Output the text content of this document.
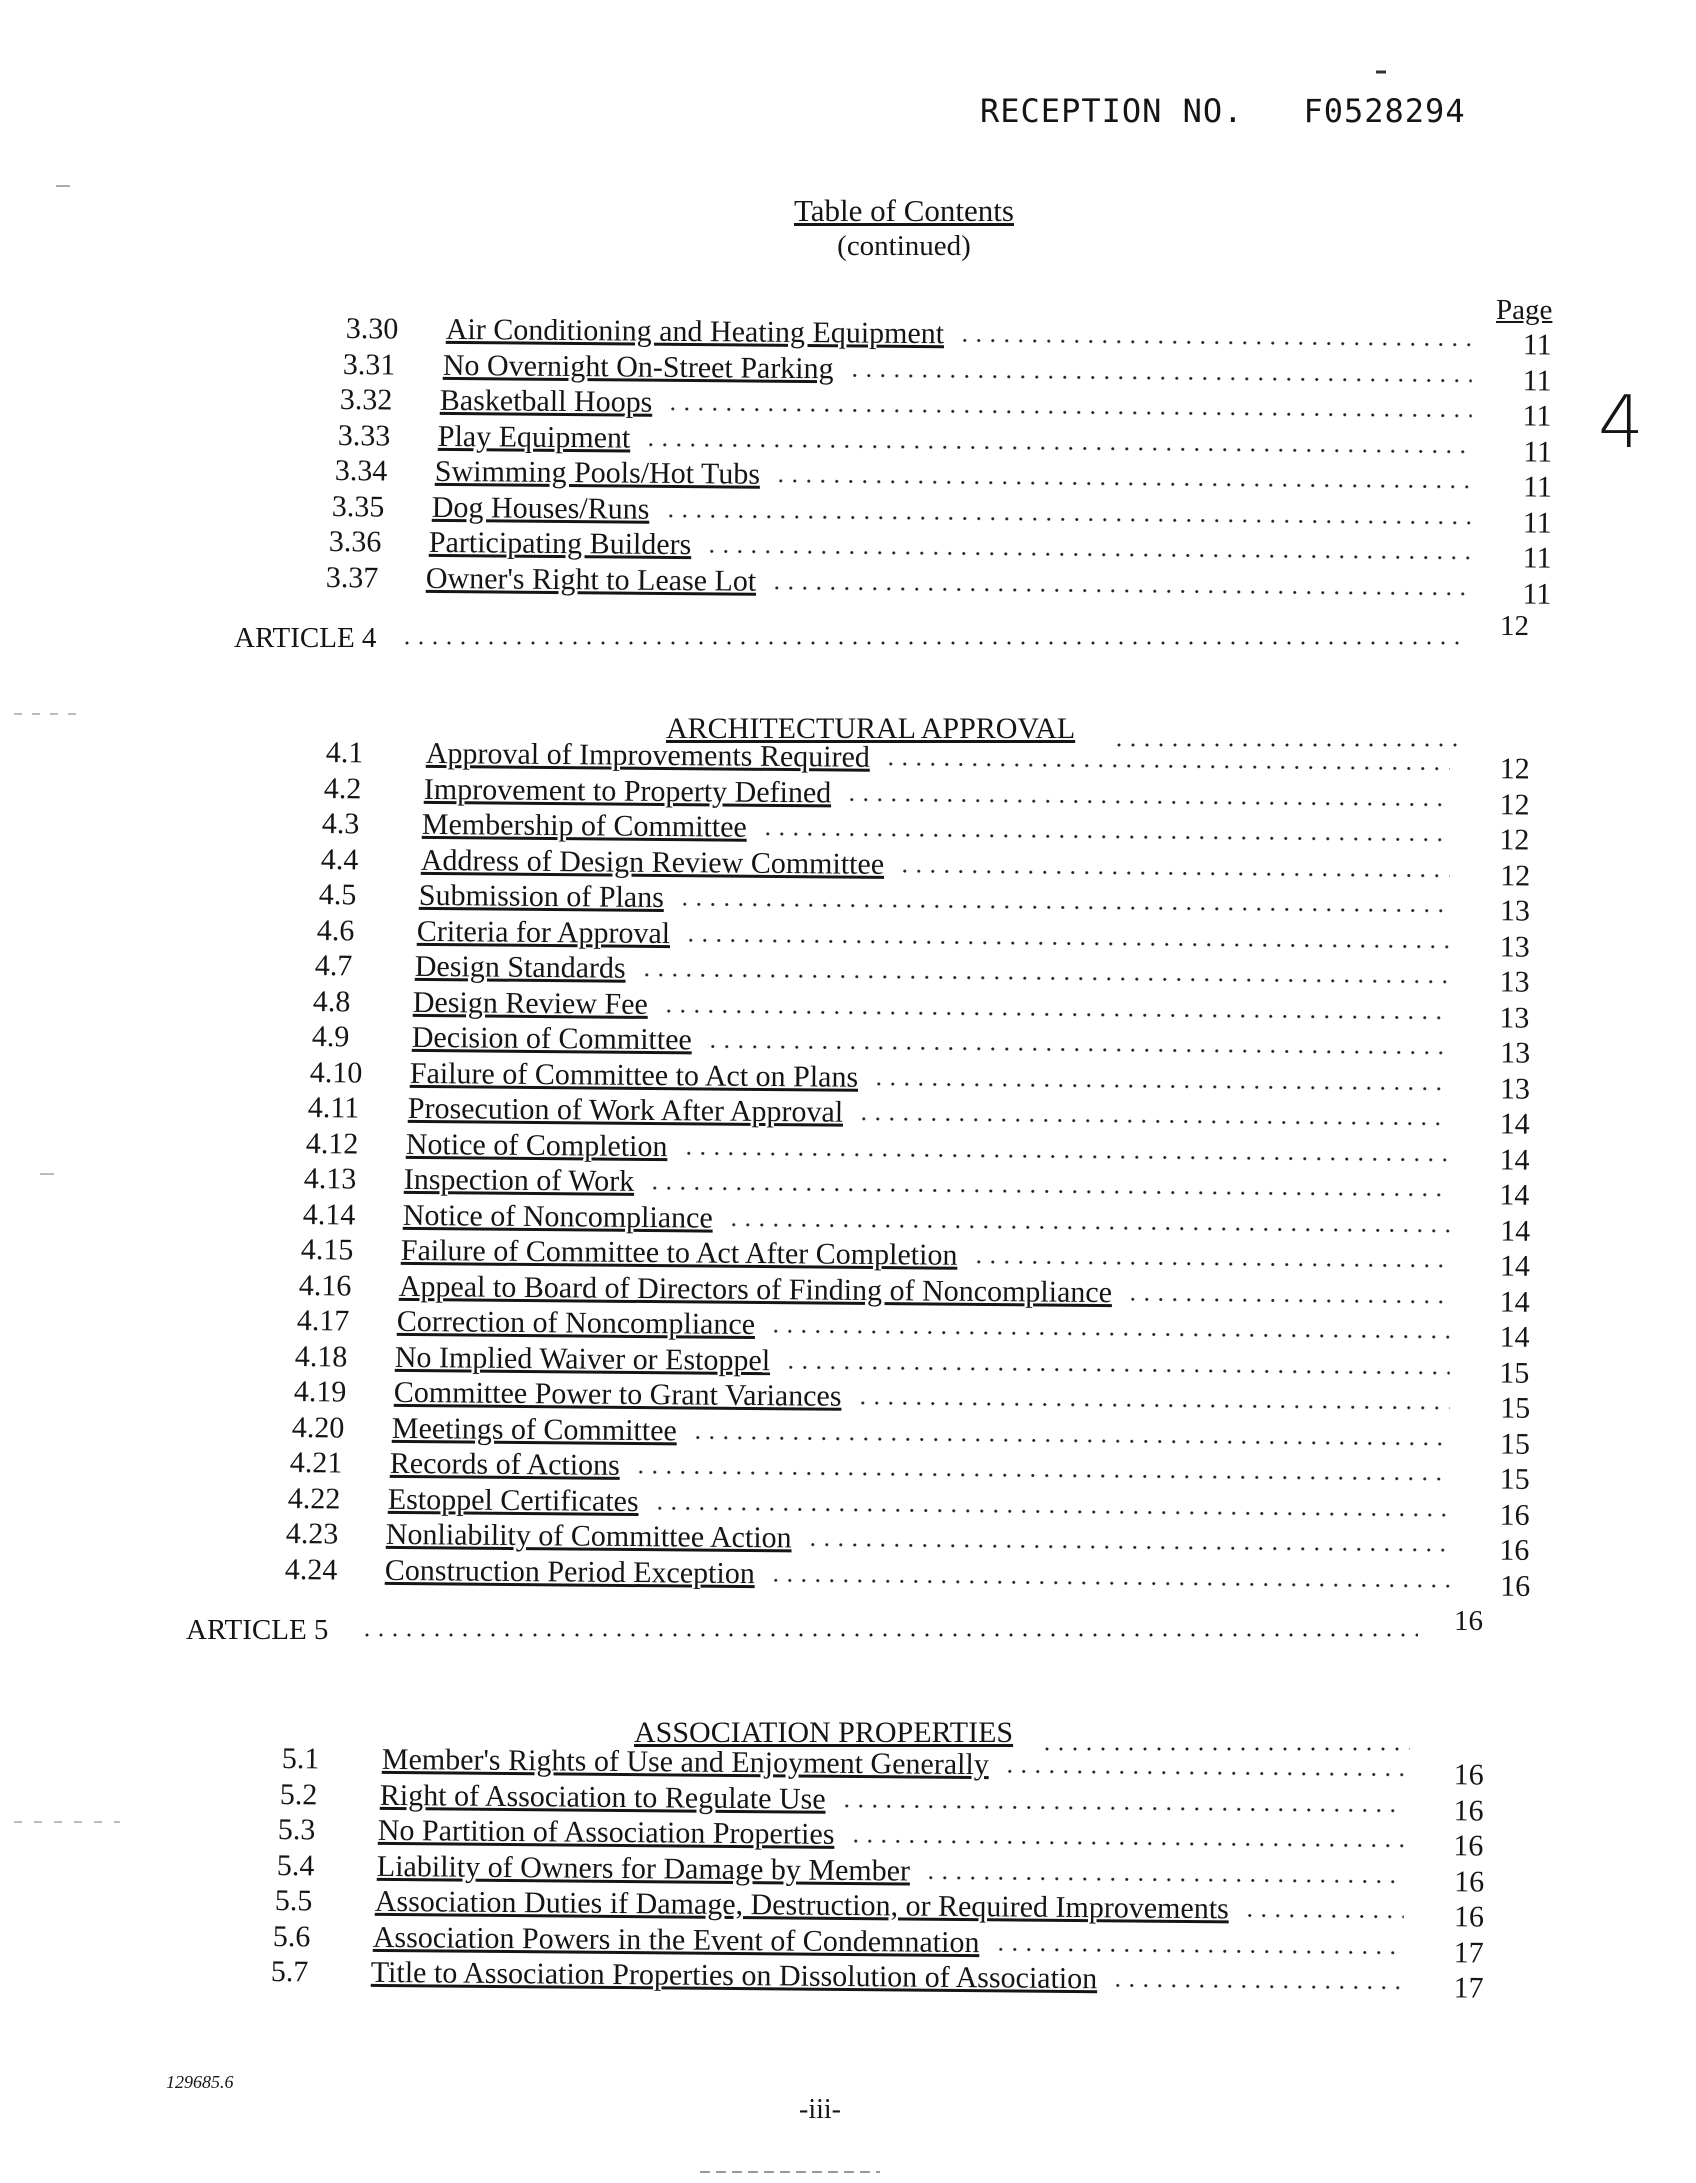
RECEPTION NO. F0528294
4
Table of Contents
(continued)
Page
3.30	Air Conditioning and Heating Equipment	11
3.31	No Overnight On-Street Parking	11
3.32	Basketball Hoops	11
3.33	Play Equipment	11
3.34	Swimming Pools/Hot Tubs	11
3.35	Dog Houses/Runs	11
3.36	Participating Builders	11
3.37	Owner's Right to Lease Lot	11
ARTICLE 4	12
ARCHITECTURAL APPROVAL
4.1	Approval of Improvements Required	12
4.2	Improvement to Property Defined	12
4.3	Membership of Committee	12
4.4	Address of Design Review Committee	12
4.5	Submission of Plans	13
4.6	Criteria for Approval	13
4.7	Design Standards	13
4.8	Design Review Fee	13
4.9	Decision of Committee	13
4.10	Failure of Committee to Act on Plans	13
4.11	Prosecution of Work After Approval	14
4.12	Notice of Completion	14
4.13	Inspection of Work	14
4.14	Notice of Noncompliance	14
4.15	Failure of Committee to Act After Completion	14
4.16	Appeal to Board of Directors of Finding of Noncompliance	14
4.17	Correction of Noncompliance	14
4.18	No Implied Waiver or Estoppel	15
4.19	Committee Power to Grant Variances	15
4.20	Meetings of Committee	15
4.21	Records of Actions	15
4.22	Estoppel Certificates	16
4.23	Nonliability of Committee Action	16
4.24	Construction Period Exception	16
ARTICLE 5	16
ASSOCIATION PROPERTIES
5.1	Member's Rights of Use and Enjoyment Generally	16
5.2	Right of Association to Regulate Use	16
5.3	No Partition of Association Properties	16
5.4	Liability of Owners for Damage by Member	16
5.5	Association Duties if Damage, Destruction, or Required Improvements	16
5.6	Association Powers in the Event of Condemnation	17
5.7	Title to Association Properties on Dissolution of Association	17
129685.6
-iii-
